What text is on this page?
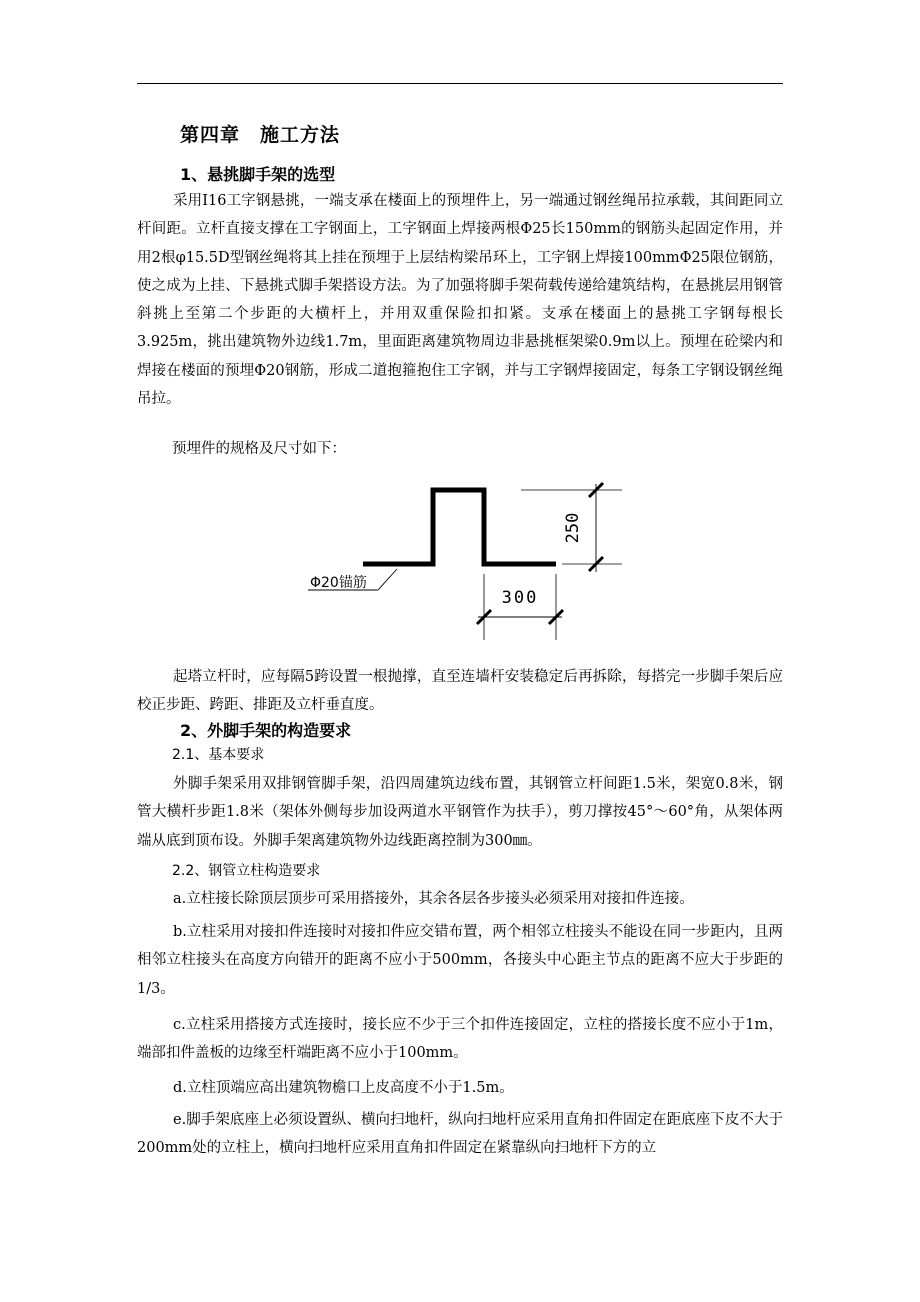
第四章　施工方法
1、悬挑脚手架的选型

采用I16工字钢悬挑，一端支承在楼面上的预埋件上，另一端通过钢丝绳吊拉承载，其间距同立杆间距。立杆直接支撑在工字钢面上，工字钢面上焊接两根Φ25长150mm的钢筋头起固定作用，并用2根φ15.5D型钢丝绳将其上挂在预埋于上层结构梁吊环上，工字钢上焊接100mmΦ25限位钢筋，使之成为上挂、下悬挑式脚手架搭设方法。为了加强将脚手架荷载传递给建筑结构，在悬挑层用钢管斜挑上至第二个步距的大横杆上，并用双重保险扣扣紧。支承在楼面上的悬挑工字钢每根长3.925m，挑出建筑物外边线1.7m，里面距离建筑物周边非悬挑框架梁0.9m以上。预埋在砼梁内和焊接在楼面的预埋Φ20钢筋，形成二道抱箍抱住工字钢，并与工字钢焊接固定，每条工字钢设钢丝绳吊拉。

预埋件的规格及尺寸如下：

250
300
Φ20锚筋

起塔立杆时，应每隔5跨设置一根抛撑，直至连墙杆安装稳定后再拆除，每搭完一步脚手架后应校正步距、跨距、排距及立杆垂直度。

2、外脚手架的构造要求
2.1、基本要求

外脚手架采用双排钢管脚手架，沿四周建筑边线布置，其钢管立杆间距1.5米，架宽0.8米，钢管大横杆步距1.8米（架体外侧每步加设两道水平钢管作为扶手），剪刀撑按45°～60°角，从架体两端从底到顶布设。外脚手架离建筑物外边线距离控制为300㎜。

2.2、钢管立柱构造要求

a.立柱接长除顶层顶步可采用搭接外，其余各层各步接头必须采用对接扣件连接。

b.立柱采用对接扣件连接时对接扣件应交错布置，两个相邻立柱接头不能设在同一步距内，且两相邻立柱接头在高度方向错开的距离不应小于500mm，各接头中心距主节点的距离不应大于步距的1/3。

c.立柱采用搭接方式连接时，接长应不少于三个扣件连接固定，立柱的搭接长度不应小于1m，端部扣件盖板的边缘至杆端距离不应小于100mm。

d.立柱顶端应高出建筑物檐口上皮高度不小于1.5m。

e.脚手架底座上必须设置纵、横向扫地杆，纵向扫地杆应采用直角扣件固定在距底座下皮不大于200mm处的立柱上，横向扫地杆应采用直角扣件固定在紧靠纵向扫地杆下方的立
